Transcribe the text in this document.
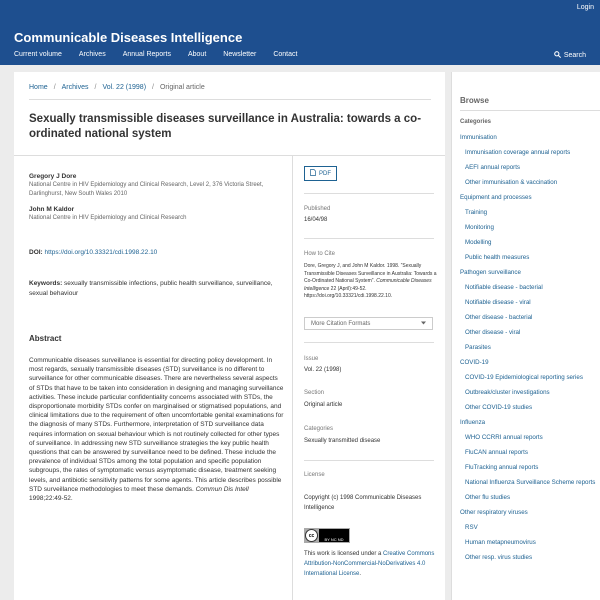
Login
Communicable Diseases Intelligence
Current volume Archives Annual Reports About Newsletter Contact	Search
Home / Archives / Vol. 22 (1998) / Original article
Sexually transmissible diseases surveillance in Australia: towards a co-ordinated national system
Gregory J Dore
National Centre in HIV Epidemiology and Clinical Research, Level 2, 376 Victoria Street, Darlinghurst, New South Wales 2010
John M Kaldor
National Centre in HIV Epidemiology and Clinical Research
DOI: https://doi.org/10.33321/cdi.1998.22.10
Keywords: sexually transmissible infections, public health surveillance, surveillance, sexual behaviour
Abstract

Communicable diseases surveillance is essential for directing policy development. In most regards, sexually transmissible diseases (STD) surveillance is no different to surveillance for other communicable diseases. There are nevertheless several aspects of STDs that have to be taken into consideration in designing and managing surveillance activities. These include particular confidentiality concerns associated with STDs, the disproportionate morbidity STDs confer on marginalised or stigmatised populations, and clinical limitations due to the requirement of often uncomfortable genital examinations for the diagnosis of many STDs. Furthermore, interpretation of STD surveillance data requires information on sexual behaviour which is not routinely collected for other types of surveillance. In addressing new STD surveillance strategies the key public health questions that can be answered by surveillance need to be defined. These include the prevalence of individual STDs among the total population and specific population subgroups, the rates of symptomatic versus asymptomatic disease, treatment seeking levels, and antibiotic sensitivity patterns for some agents. This article describes possible STD surveillance methodologies to meet these demands. Commun Dis Intell 1998;22:49-52.

PDF
Published
16/04/98
How to Cite
Dore, Gregory J, and John M Kaldor. 1998. “Sexually Transmissible Diseases Surveillance in Australia: Towards a Co-Ordinated National System”. Communicable Diseases Intelligence 22 (April):49-52. https://doi.org/10.33321/cdi.1998.22.10.
More Citation Formats
Issue
Vol. 22 (1998)
Section
Original article
Categories
Sexually transmitted disease
License
Copyright (c) 1998 Communicable Diseases Intelligence
cc
BY NC ND
This work is licensed under a Creative Commons Attribution-NonCommercial-NoDerivatives 4.0 International License.
Browse
Categories
Immunisation
Immunisation coverage annual reports
AEFI annual reports
Other immunisation & vaccination
Equipment and processes
Training
Monitoring
Modelling
Public health measures
Pathogen surveillance
Notifiable disease - bacterial
Notifiable disease - viral
Other disease - bacterial
Other disease - viral
Parasites
COVID-19
COVID-19 Epidemiological reporting series
Outbreak/cluster investigations
Other COVID-19 studies
Influenza
WHO CCRRI annual reports
FluCAN annual reports
FluTracking annual reports
National Influenza Surveillance Scheme reports
Other flu studies
Other respiratory viruses
RSV
Human metapneumovirus
Other resp. virus studies
